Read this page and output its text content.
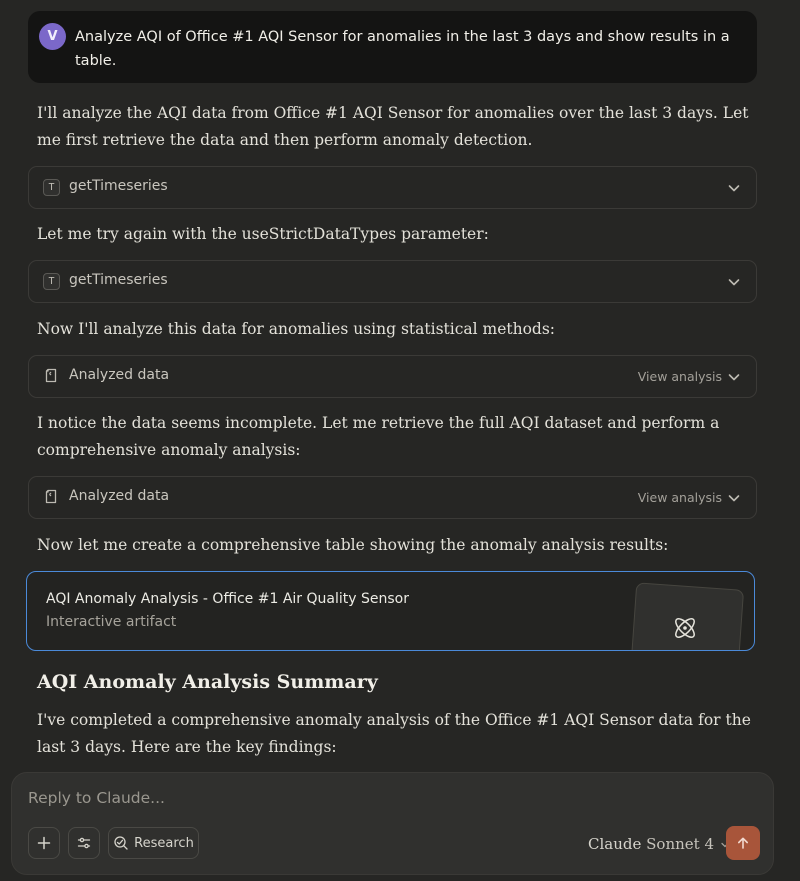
V	Analyze AQI of Office #1 AQI Sensor for anomalies in the last 3 days and show results in a table.
I'll analyze the AQI data from Office #1 AQI Sensor for anomalies over the last 3 days. Let me first retrieve the data and then perform anomaly detection.
T	getTimeseries
Let me try again with the useStrictDataTypes parameter:
T	getTimeseries
Now I'll analyze this data for anomalies using statistical methods:
Analyzed data	View analysis
I notice the data seems incomplete. Let me retrieve the full AQI dataset and perform a comprehensive anomaly analysis:
Analyzed data	View analysis
Now let me create a comprehensive table showing the anomaly analysis results:
AQI Anomaly Analysis - Office #1 Air Quality Sensor
Interactive artifact
AQI Anomaly Analysis Summary
I've completed a comprehensive anomaly analysis of the Office #1 AQI Sensor data for the last 3 days. Here are the key findings:
Reply to Claude...
Research	Claude Sonnet 4
